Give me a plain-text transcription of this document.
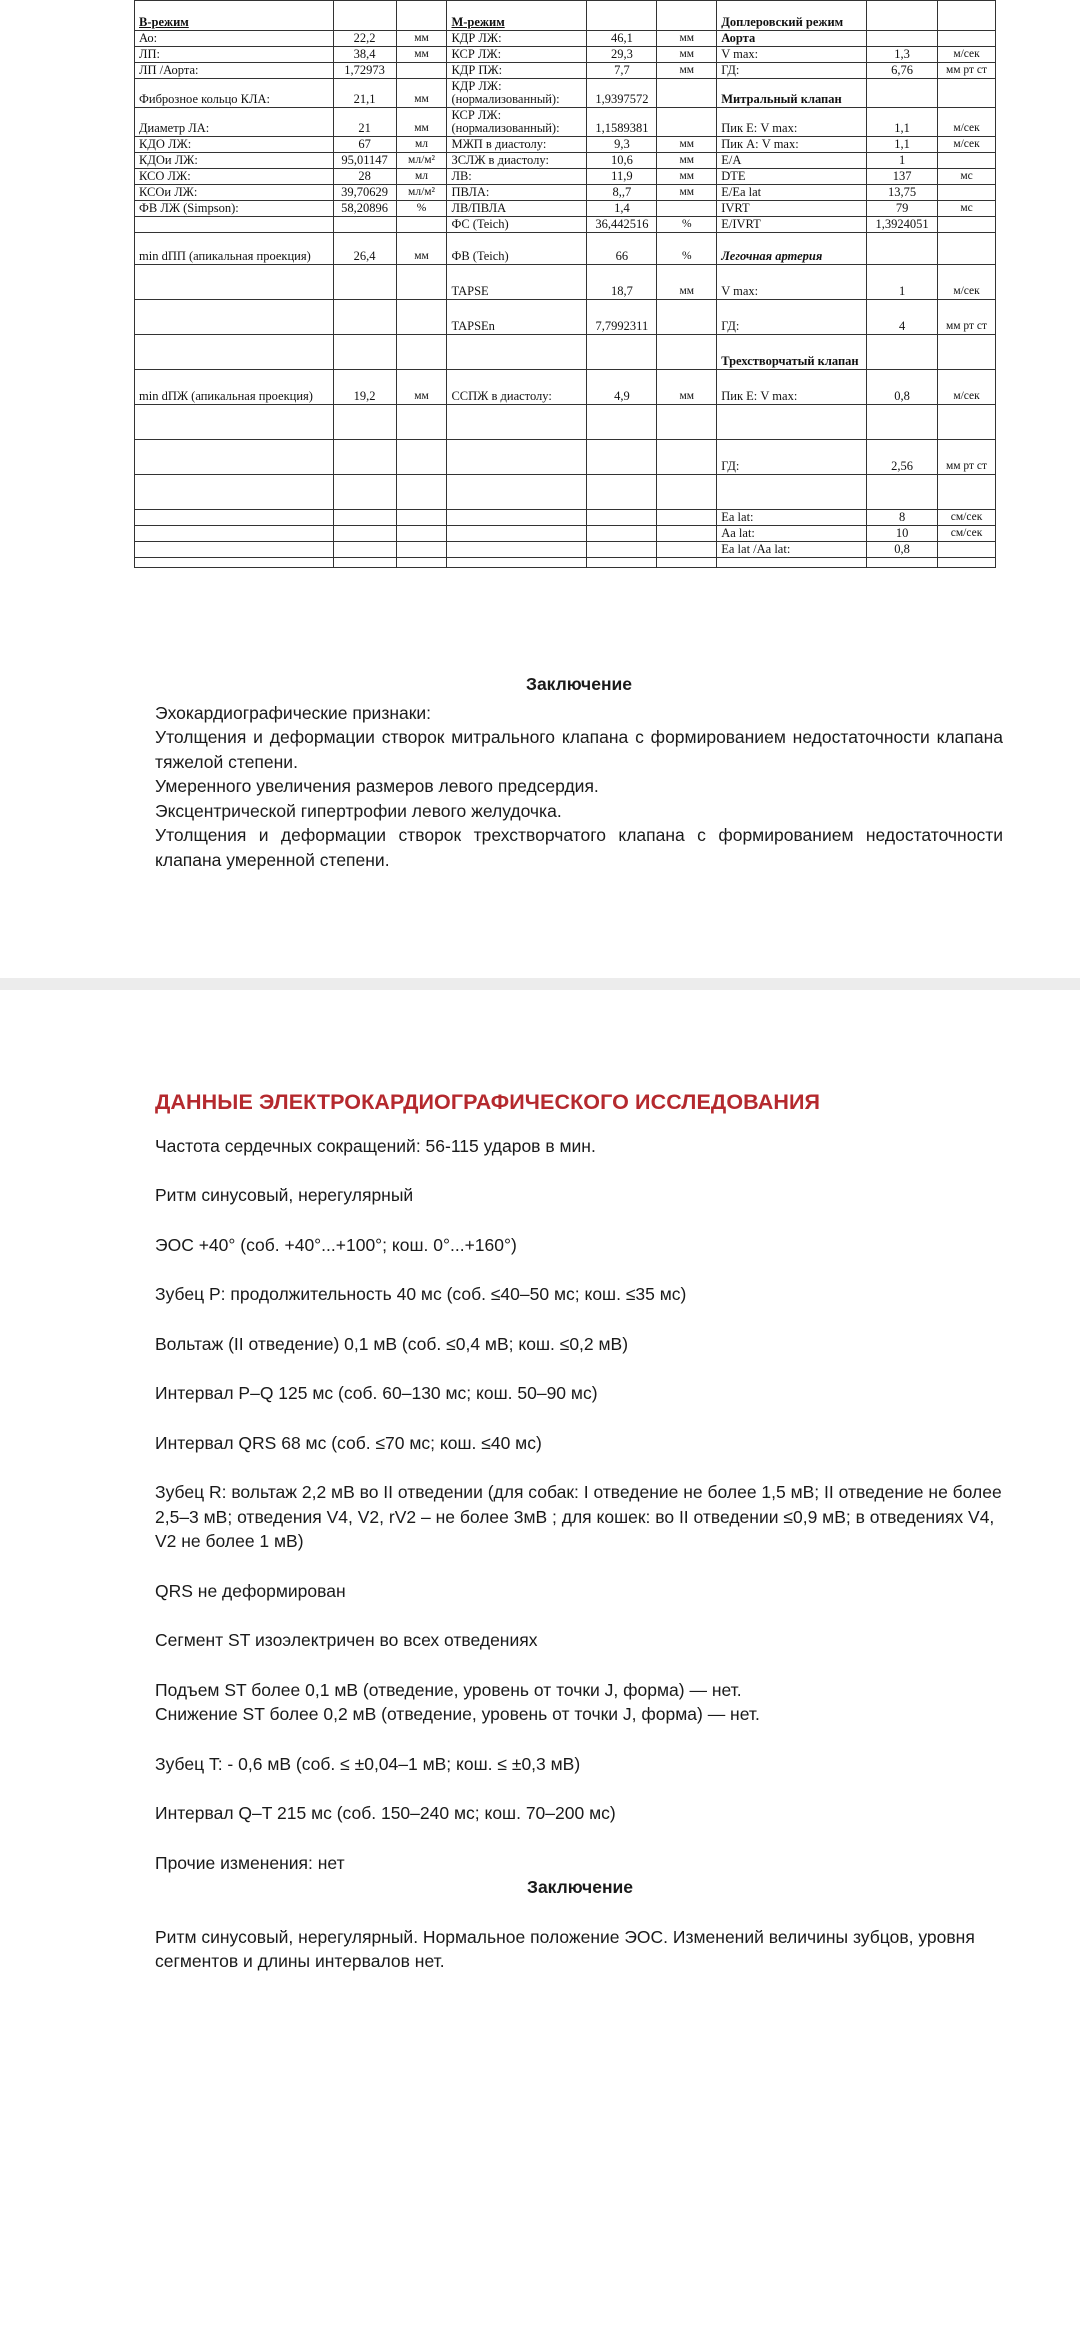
В-режим			М-режим			Доплеровский режим		
Ао:	22,2	мм	КДР ЛЖ:	46,1	мм	Аорта		
ЛП:	38,4	мм	КСР ЛЖ:	29,3	мм	V max:	1,3	м/сек
ЛП /Аорта:	1,72973		КДР ПЖ:	7,7	мм	ГД:	6,76	мм рт ст
Фиброзное кольцо КЛА:	21,1	мм	КДР ЛЖ: (нормализованный):	1,9397572		Митральный клапан		
Диаметр ЛА:	21	мм	КСР ЛЖ: (нормализованный):	1,1589381		Пик Е: V max:	1,1	м/сек
КДО ЛЖ:	67	мл	МЖП в диастолу:	9,3	мм	Пик А: V max:	1,1	м/сек
КДОи ЛЖ:	95,01147	мл/м²	ЗСЛЖ в диастолу:	10,6	мм	E/A	1	
КСО ЛЖ:	28	мл	ЛВ:	11,9	мм	DTE	137	мс
КСОи ЛЖ:	39,70629	мл/м²	ПВЛА:	8,,7	мм	E/Ea lat	13,75	
ФВ ЛЖ (Simpson):	58,20896	%	ЛВ/ПВЛА	1,4		IVRT	79	мс
			ФС (Teich)	36,442516	%	E/IVRT	1,3924051	
min dПП (апикальная проекция)	26,4	мм	ФВ (Teich)	66	%	Легочная артерия		
			TAPSE	18,7	мм	V max:	1	м/сек
			TAPSEn	7,7992311		ГД:	4	мм рт ст
						Трехстворчатый клапан		
min dПЖ (апикальная проекция)	19,2	мм	ССПЖ в диастолу:	4,9	мм	Пик Е: V max:	0,8	м/сек

						ГД:	2,56	мм рт ст

						Ea lat:	8	см/сек
						Aa lat:	10	см/сек
						Ea lat /Aa lat:	0,8	

Заключение
Эхокардиографические признаки:
Утолщения и деформации створок митрального клапана с формированием недостаточности клапана тяжелой степени.
Умеренного увеличения размеров левого предсердия.
Эксцентрической гипертрофии левого желудочка.
Утолщения и деформации створок трехстворчатого клапана с формированием недостаточности клапана умеренной степени.
ДАННЫЕ ЭЛЕКТРОКАРДИОГРАФИЧЕСКОГО ИССЛЕДОВАНИЯ

Частота сердечных сокращений: 56-115 ударов в мин.

Ритм синусовый, нерегулярный

ЭОС +40° (соб. +40°...+100°; кош. 0°...+160°)

Зубец P: продолжительность 40 мс (соб. ≤40–50 мс; кош. ≤35 мс)

Вольтаж (II отведение) 0,1 мВ (соб. ≤0,4 мВ; кош. ≤0,2 мВ)

Интервал P–Q 125 мс (соб. 60–130 мс; кош. 50–90 мс)

Интервал QRS 68 мс (соб. ≤70 мс; кош. ≤40 мс)

Зубец R: вольтаж 2,2 мВ во II отведении (для собак: I отведение не более 1,5 мВ; II отведение не более 2,5–3 мВ; отведения V4, V2, rV2 – не более 3мВ ; для кошек: во II отведении ≤0,9 мВ; в отведениях V4, V2 не более 1 мВ)

QRS не деформирован

Сегмент ST изоэлектричен во всех отведениях

Подъем ST более 0,1 мВ (отведение, уровень от точки J, форма) — нет.

Снижение ST более 0,2 мВ (отведение, уровень от точки J, форма) — нет.

Зубец T: - 0,6 мВ (соб. ≤ ±0,04–1 мВ; кош. ≤ ±0,3 мВ)

Интервал Q–T 215 мс (соб. 150–240 мс; кош. 70–200 мс)

Прочие изменения: нет

Заключение

Ритм синусовый, нерегулярный. Нормальное положение ЭОС. Изменений величины зубцов, уровня сегментов и длины интервалов нет.
